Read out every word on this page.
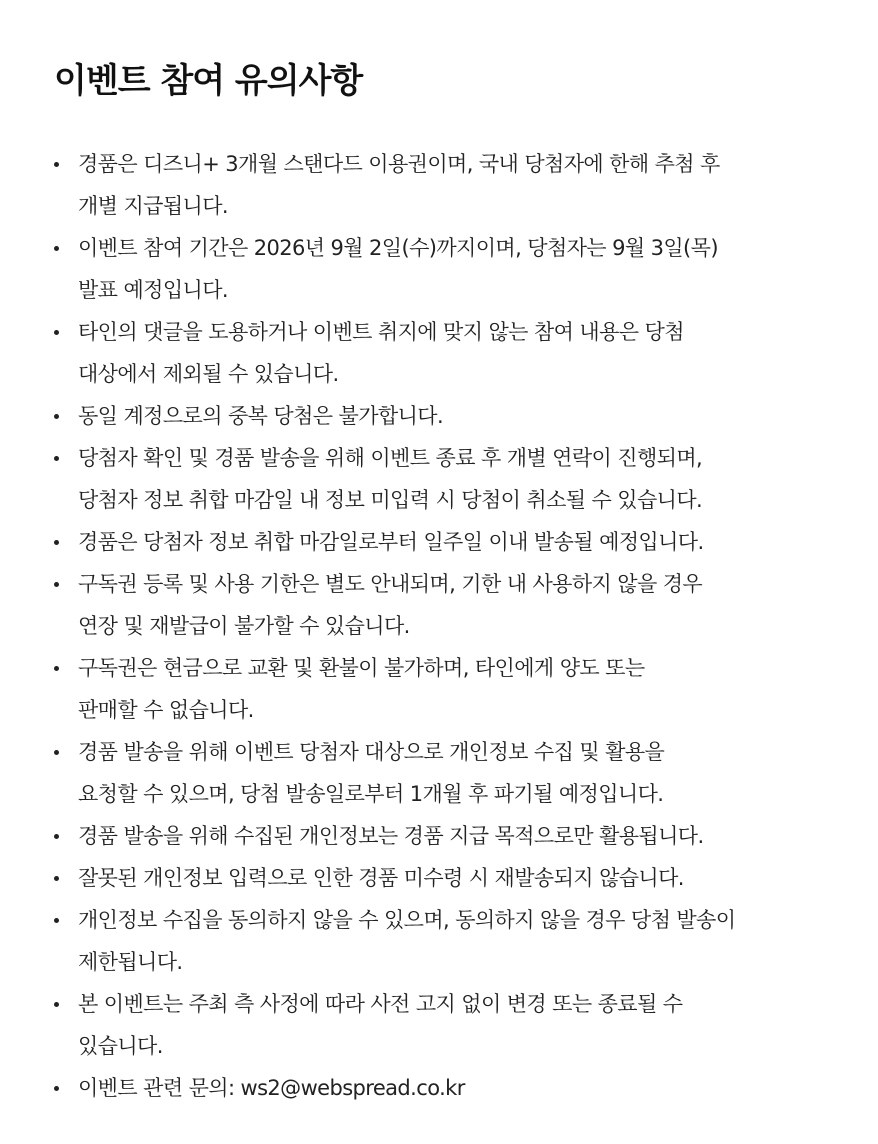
이벤트 참여 유의사항
경품은 디즈니+ 3개월 스탠다드 이용권이며, 국내 당첨자에 한해 추첨 후
개별 지급됩니다.
이벤트 참여 기간은 2026년 9월 2일(수)까지이며, 당첨자는 9월 3일(목)
발표 예정입니다.
타인의 댓글을 도용하거나 이벤트 취지에 맞지 않는 참여 내용은 당첨
대상에서 제외될 수 있습니다.
동일 계정으로의 중복 당첨은 불가합니다.
당첨자 확인 및 경품 발송을 위해 이벤트 종료 후 개별 연락이 진행되며,
당첨자 정보 취합 마감일 내 정보 미입력 시 당첨이 취소될 수 있습니다.
경품은 당첨자 정보 취합 마감일로부터 일주일 이내 발송될 예정입니다.
구독권 등록 및 사용 기한은 별도 안내되며, 기한 내 사용하지 않을 경우
연장 및 재발급이 불가할 수 있습니다.
구독권은 현금으로 교환 및 환불이 불가하며, 타인에게 양도 또는
판매할 수 없습니다.
경품 발송을 위해 이벤트 당첨자 대상으로 개인정보 수집 및 활용을
요청할 수 있으며, 당첨 발송일로부터 1개월 후 파기될 예정입니다.
경품 발송을 위해 수집된 개인정보는 경품 지급 목적으로만 활용됩니다.
잘못된 개인정보 입력으로 인한 경품 미수령 시 재발송되지 않습니다.
개인정보 수집을 동의하지 않을 수 있으며, 동의하지 않을 경우 당첨 발송이
제한됩니다.
본 이벤트는 주최 측 사정에 따라 사전 고지 없이 변경 또는 종료될 수
있습니다.
이벤트 관련 문의: ws2@webspread.co.kr
